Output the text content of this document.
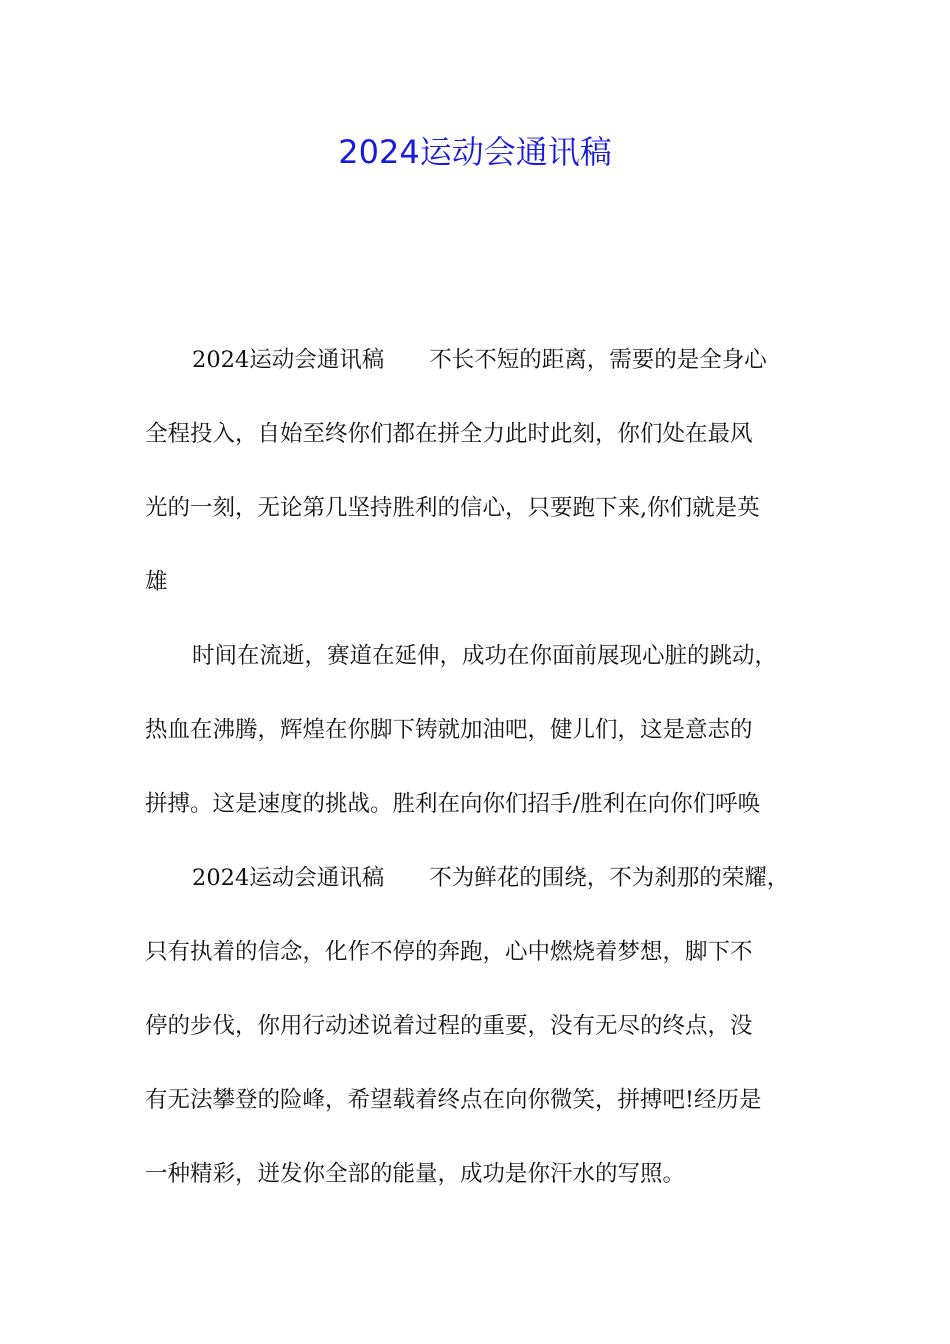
2024运动会通讯稿
2024运动会通讯稿　　不长不短的距离，需要的是全身心
全程投入，自始至终你们都在拼全力此时此刻，你们处在最风
光的一刻，无论第几坚持胜利的信心，只要跑下来,你们就是英
雄
时间在流逝，赛道在延伸，成功在你面前展现心脏的跳动，
热血在沸腾，辉煌在你脚下铸就加油吧，健儿们，这是意志的
拼搏。这是速度的挑战。胜利在向你们招手/胜利在向你们呼唤
2024运动会通讯稿　　不为鲜花的围绕，不为刹那的荣耀，
只有执着的信念，化作不停的奔跑，心中燃烧着梦想，脚下不
停的步伐，你用行动述说着过程的重要，没有无尽的终点，没
有无法攀登的险峰，希望载着终点在向你微笑，拼搏吧!经历是
一种精彩，迸发你全部的能量，成功是你汗水的写照。
